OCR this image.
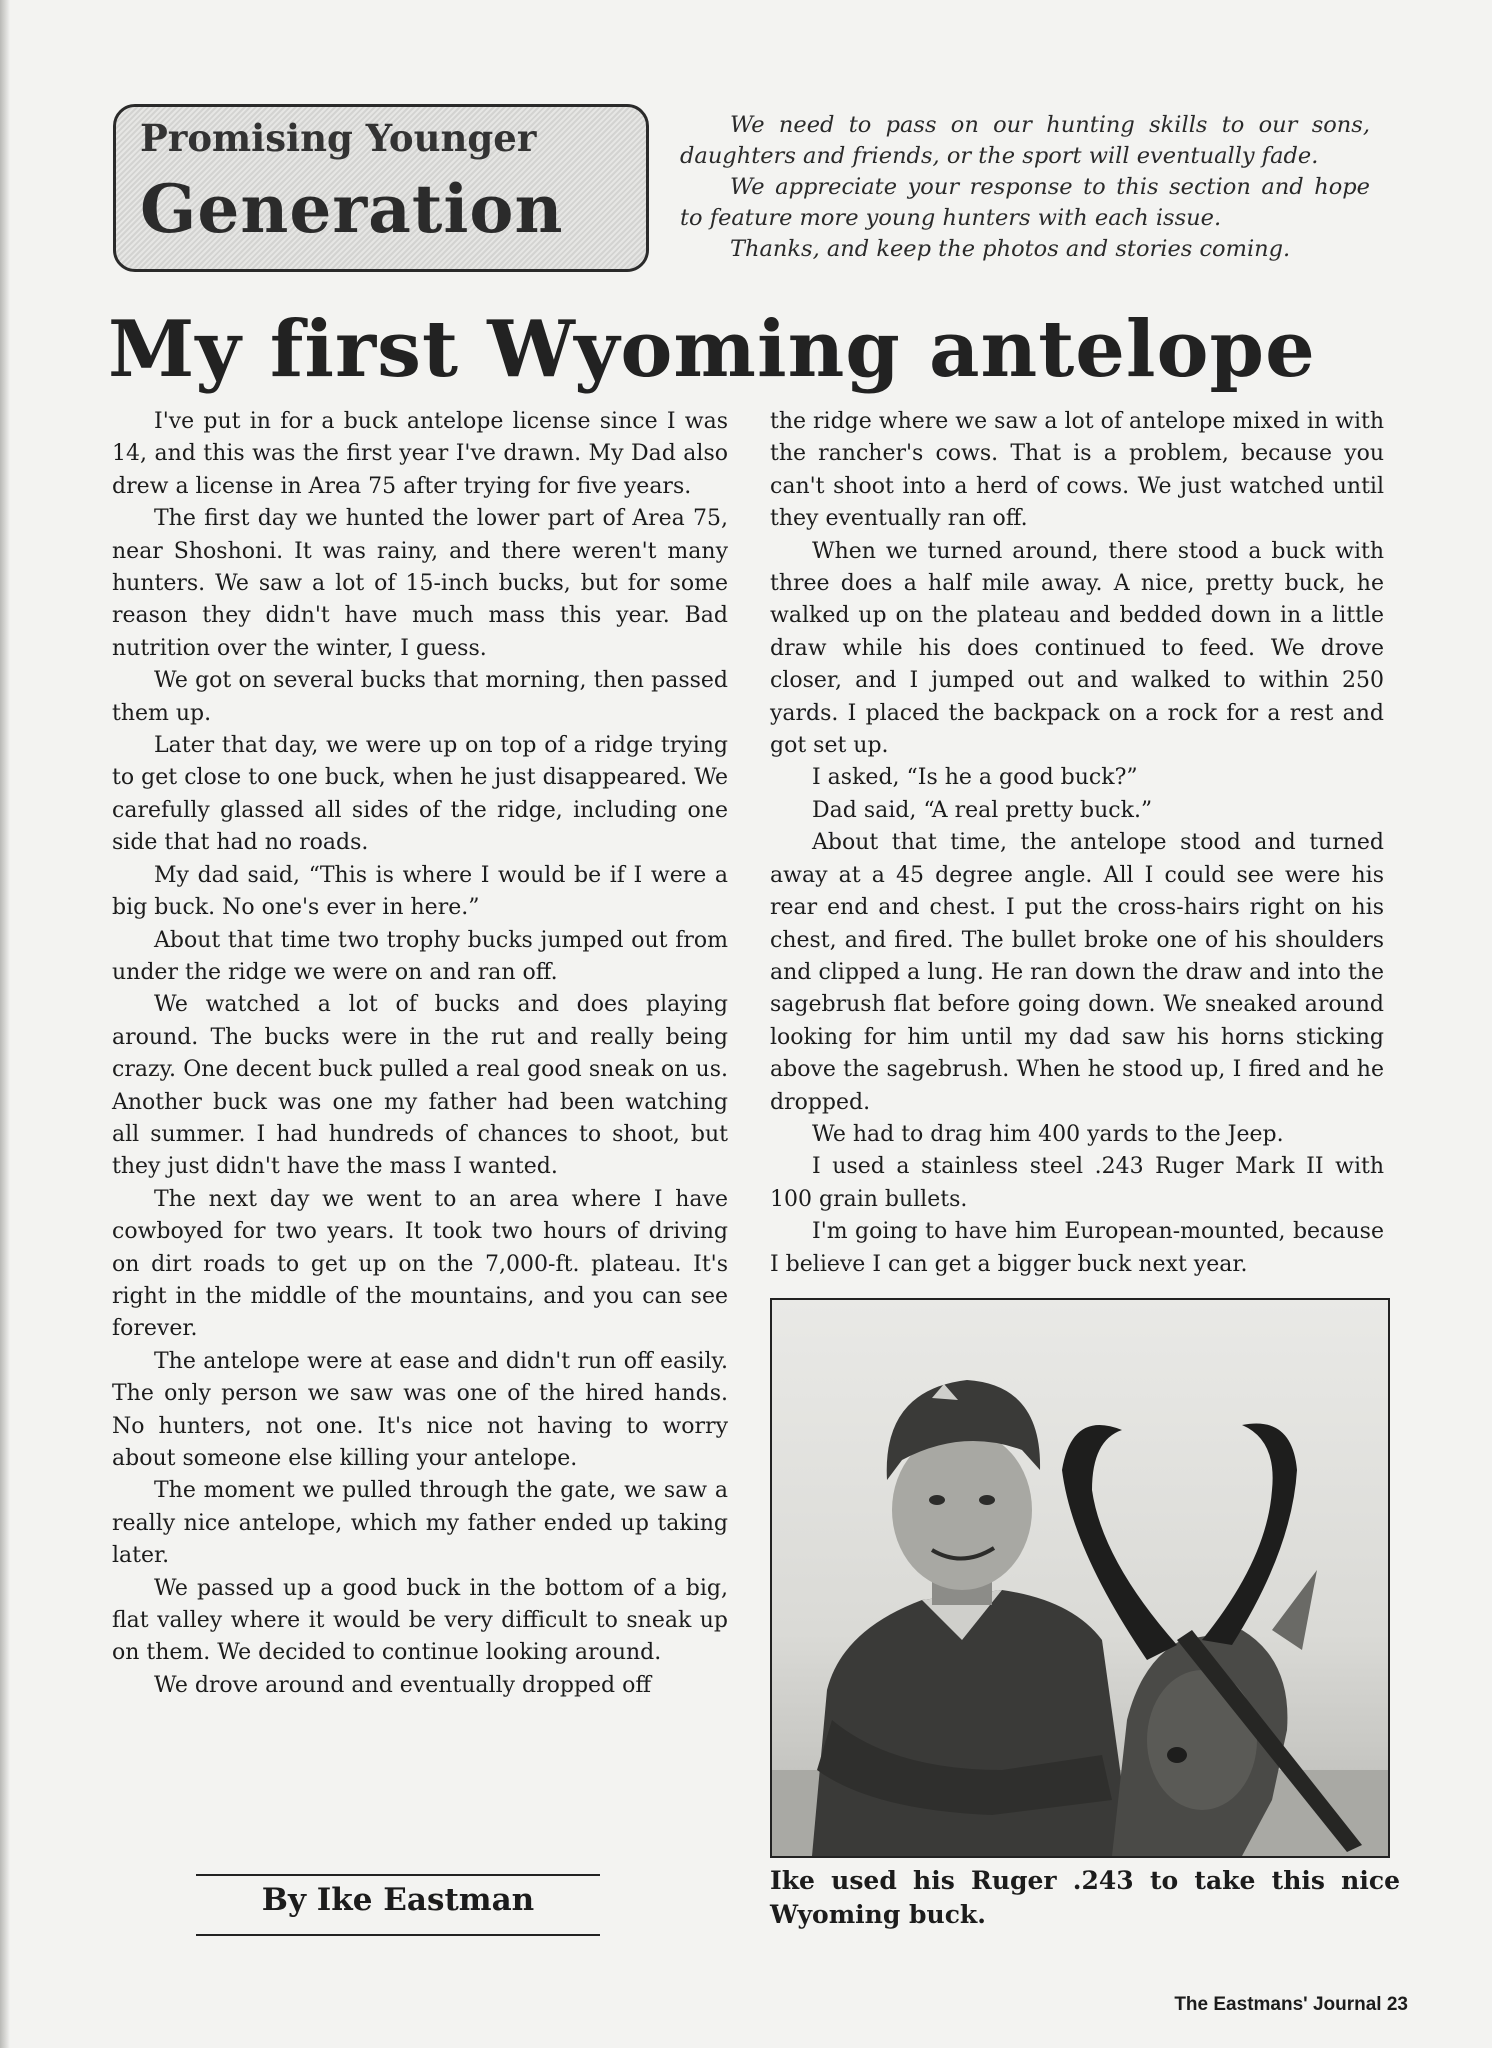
Promising Younger
Generation

We need to pass on our hunting skills to our sons, daughters and friends, or the sport will eventually fade.

We appreciate your response to this section and hope to feature more young hunters with each issue.

Thanks, and keep the photos and stories coming.

My first Wyoming antelope

I've put in for a buck antelope license since I was 14, and this was the first year I've drawn. My Dad also drew a license in Area 75 after trying for five years.

The first day we hunted the lower part of Area 75, near Shoshoni. It was rainy, and there weren't many hunters. We saw a lot of 15-inch bucks, but for some reason they didn't have much mass this year. Bad nutrition over the winter, I guess.

We got on several bucks that morning, then passed them up.

Later that day, we were up on top of a ridge trying to get close to one buck, when he just disappeared. We carefully glassed all sides of the ridge, including one side that had no roads.

My dad said, “This is where I would be if I were a big buck. No one's ever in here.”

About that time two trophy bucks jumped out from under the ridge we were on and ran off.

We watched a lot of bucks and does playing around. The bucks were in the rut and really being crazy. One decent buck pulled a real good sneak on us. Another buck was one my father had been watching all summer. I had hundreds of chances to shoot, but they just didn't have the mass I wanted.

The next day we went to an area where I have cowboyed for two years. It took two hours of driving on dirt roads to get up on the 7,000-ft. plateau. It's right in the middle of the mountains, and you can see forever.

The antelope were at ease and didn't run off easily. The only person we saw was one of the hired hands. No hunters, not one. It's nice not having to worry about someone else killing your antelope.

The moment we pulled through the gate, we saw a really nice antelope, which my father ended up taking later.

We passed up a good buck in the bottom of a big, flat valley where it would be very difficult to sneak up on them. We decided to continue looking around.

We drove around and eventually dropped off

By Ike Eastman

the ridge where we saw a lot of antelope mixed in with the rancher's cows. That is a problem, because you can't shoot into a herd of cows. We just watched until they eventually ran off.

When we turned around, there stood a buck with three does a half mile away. A nice, pretty buck, he walked up on the plateau and bedded down in a little draw while his does continued to feed. We drove closer, and I jumped out and walked to within 250 yards. I placed the backpack on a rock for a rest and got set up.

I asked, “Is he a good buck?”

Dad said, “A real pretty buck.”

About that time, the antelope stood and turned away at a 45 degree angle. All I could see were his rear end and chest. I put the cross-hairs right on his chest, and fired. The bullet broke one of his shoulders and clipped a lung. He ran down the draw and into the sagebrush flat before going down. We sneaked around looking for him until my dad saw his horns sticking above the sagebrush. When he stood up, I fired and he dropped.

We had to drag him 400 yards to the Jeep.

I used a stainless steel .243 Ruger Mark II with 100 grain bullets.

I'm going to have him European-mounted, because I believe I can get a bigger buck next year.

Ike used his Ruger .243 to take this nice Wyoming buck.
The Eastmans' Journal 23
